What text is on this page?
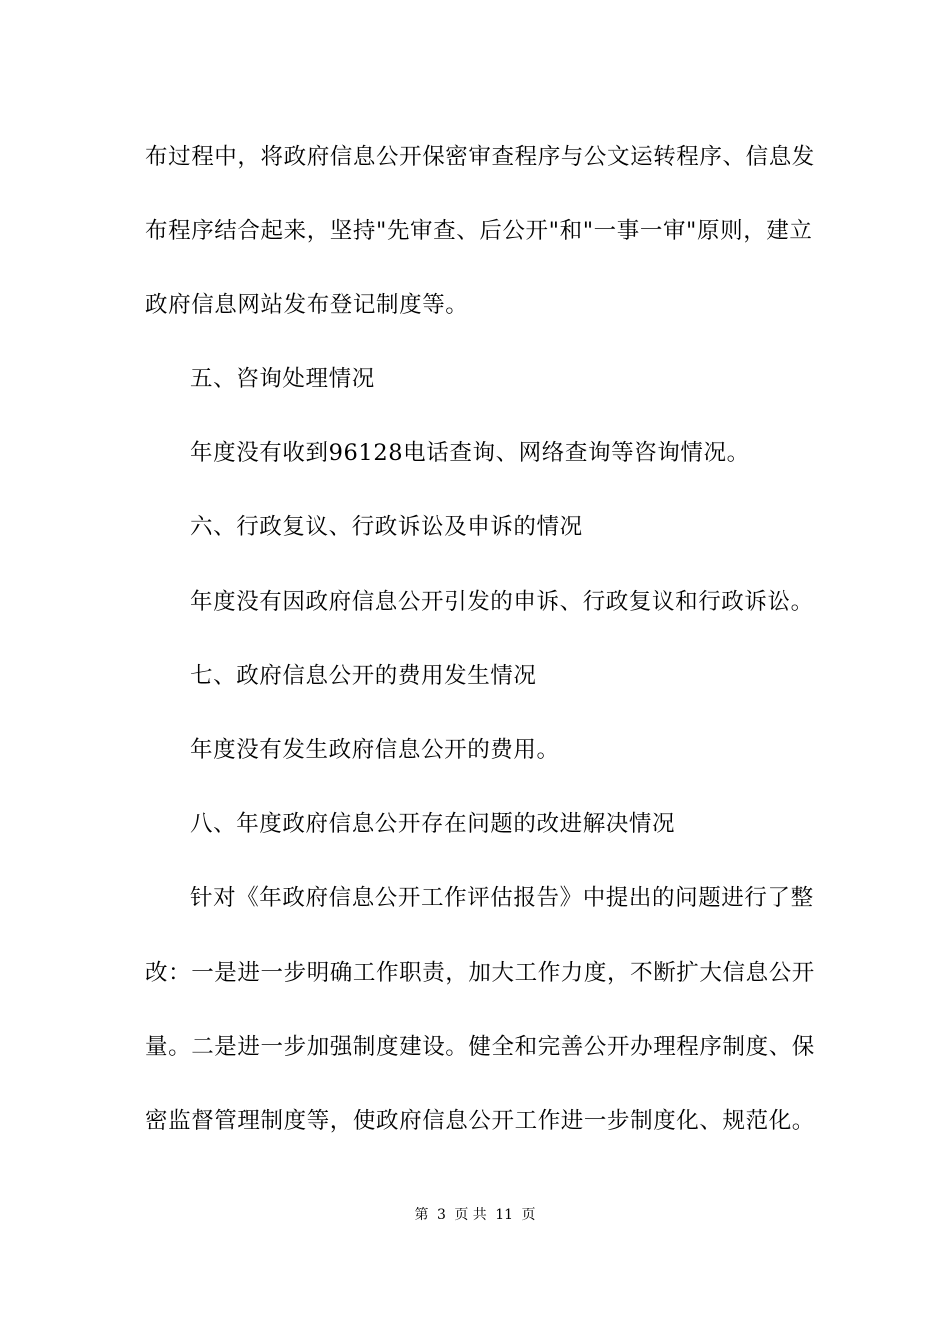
布过程中，将政府信息公开保密审查程序与公文运转程序、信息发
布程序结合起来，坚持"先审查、后公开"和"一事一审"原则，建立
政府信息网站发布登记制度等。
五、咨询处理情况
年度没有收到96128电话查询、网络查询等咨询情况。
六、行政复议、行政诉讼及申诉的情况
年度没有因政府信息公开引发的申诉、行政复议和行政诉讼。
七、政府信息公开的费用发生情况
年度没有发生政府信息公开的费用。
八、年度政府信息公开存在问题的改进解决情况
针对《年政府信息公开工作评估报告》中提出的问题进行了整
改：一是进一步明确工作职责，加大工作力度，不断扩大信息公开
量。二是进一步加强制度建设。健全和完善公开办理程序制度、保
密监督管理制度等，使政府信息公开工作进一步制度化、规范化。
第 3 页 共 11 页
